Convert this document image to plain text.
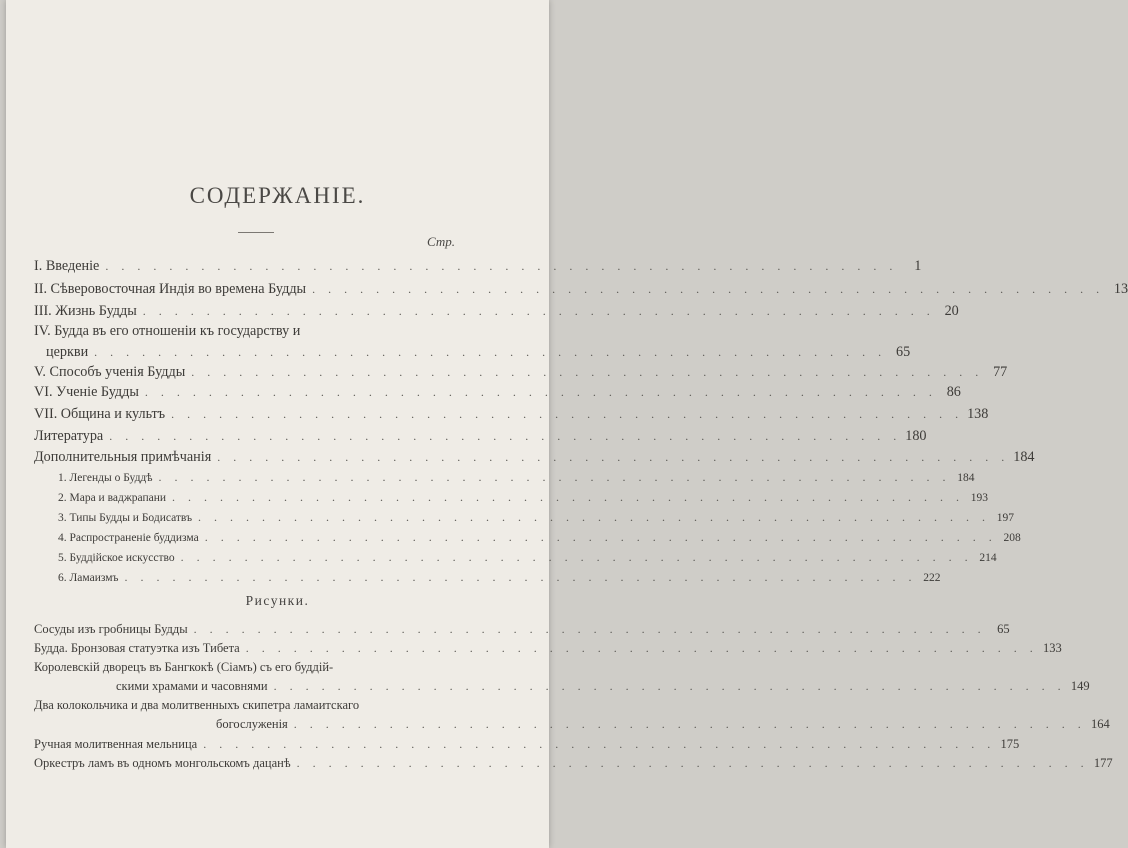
СОДЕРЖАНІЕ.
Стр.
I. Введеніе . . . . . . . . . . . . . . . . . . . . . . . . . . . . . . . . . . . . . . . . . . . . . . . . . .	1
II. Сѣверовосточная Индія во времена Будды . . . . . . . . . . . . . . . . . . . . . . . . . . . . . . . . . . . . . . . . . . . . . . . . . . 13
III. Жизнь Будды . . . . . . . . . . . . . . . . . . . . . . . . . . . . . . . . . . . . . . . . . . . . . . . . . . 20
IV. Будда въ его отношеніи къ государству и
церкви . . . . . . . . . . . . . . . . . . . . . . . . . . . . . . . . . . . . . . . . . . . . . . . . . . 65
V. Способъ ученія Будды . . . . . . . . . . . . . . . . . . . . . . . . . . . . . . . . . . . . . . . . . . . . . . . . . . 77
VI. Ученіе Будды . . . . . . . . . . . . . . . . . . . . . . . . . . . . . . . . . . . . . . . . . . . . . . . . . . 86
VII. Община и культъ . . . . . . . . . . . . . . . . . . . . . . . . . . . . . . . . . . . . . . . . . . . . . . . . . . 138
Литература . . . . . . . . . . . . . . . . . . . . . . . . . . . . . . . . . . . . . . . . . . . . . . . . . . 180
Дополнительныя примѣчанія . . . . . . . . . . . . . . . . . . . . . . . . . . . . . . . . . . . . . . . . . . . . . . . . . . 184
1. Легенды о Буддѣ . . . . . . . . . . . . . . . . . . . . . . . . . . . . . . . . . . . . . . . . . . . . . . . . . . 184
2. Мара и ваджрапани . . . . . . . . . . . . . . . . . . . . . . . . . . . . . . . . . . . . . . . . . . . . . . . . . . 193
3. Типы Будды и Бодисатвъ . . . . . . . . . . . . . . . . . . . . . . . . . . . . . . . . . . . . . . . . . . . . . . . . . . 197
4. Распространеніе буддизма . . . . . . . . . . . . . . . . . . . . . . . . . . . . . . . . . . . . . . . . . . . . . . . . . . 208
5. Буддійское искусство . . . . . . . . . . . . . . . . . . . . . . . . . . . . . . . . . . . . . . . . . . . . . . . . . . 214
6. Ламаизмъ . . . . . . . . . . . . . . . . . . . . . . . . . . . . . . . . . . . . . . . . . . . . . . . . . . 222
Рисунки.
Сосуды изъ гробницы Будды . . . . . . . . . . . . . . . . . . . . . . . . . . . . . . . . . . . . . . . . . . . . . . . . . . 65
Будда. Бронзовая статуэтка изъ Тибета . . . . . . . . . . . . . . . . . . . . . . . . . . . . . . . . . . . . . . . . . . . . . . . . . . 133
Королевскій дворецъ въ Бангкокѣ (Сіамъ) съ его буддій-
скими храмами и часовнями . . . . . . . . . . . . . . . . . . . . . . . . . . . . . . . . . . . . . . . . . . . . . . . . . . 149
Два колокольчика и два молитвенныхъ скипетра ламаитскаго
богослуженія . . . . . . . . . . . . . . . . . . . . . . . . . . . . . . . . . . . . . . . . . . . . . . . . . . 164
Ручная молитвенная мельница . . . . . . . . . . . . . . . . . . . . . . . . . . . . . . . . . . . . . . . . . . . . . . . . . . 175
Оркестръ ламъ въ одномъ монгольскомъ дацанѣ . . . . . . . . . . . . . . . . . . . . . . . . . . . . . . . . . . . . . . . . . . . . . . . . . . 177
